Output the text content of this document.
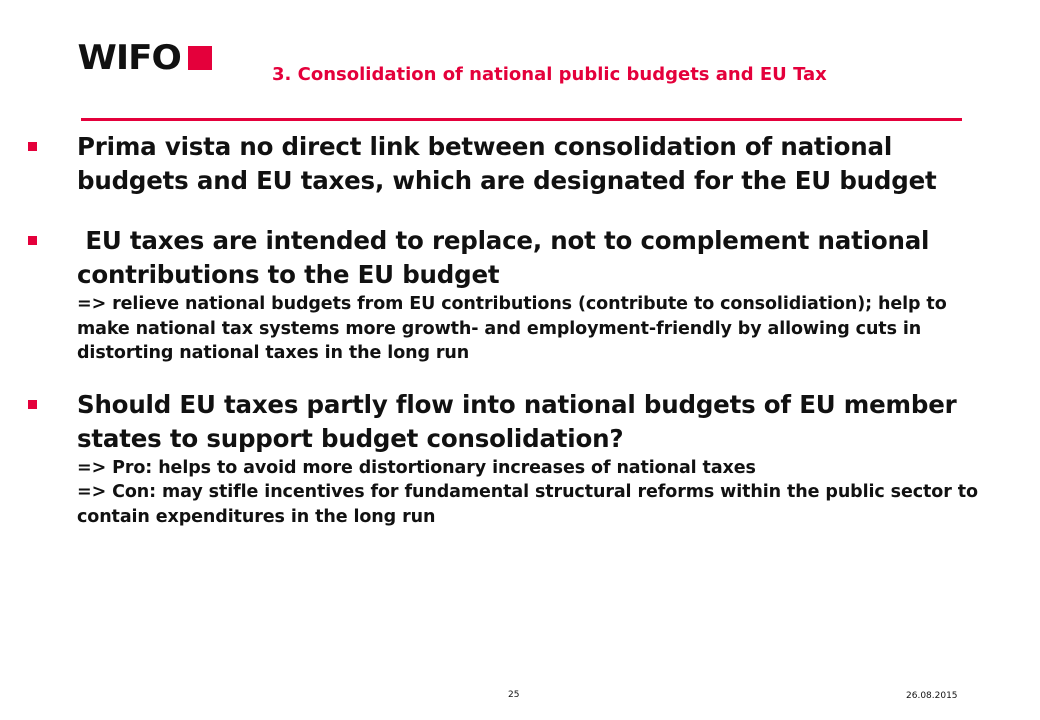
WIFO	3. Consolidation of national public budgets and EU Tax
Prima vista no direct link between consolidation of national budgets and EU taxes, which are designated for the EU budget
EU taxes are intended to replace, not to complement national contributions to the EU budget
=> relieve national budgets from EU contributions (contribute to consolidiation); help to make national tax systems more growth- and employment-friendly by allowing cuts in distorting national taxes in the long run
Should EU taxes partly flow into national budgets of EU member states to support budget consolidation?
=> Pro: helps to avoid more distortionary increases of national taxes
=> Con: may stifle incentives for fundamental structural reforms within the public sector to contain expenditures in the long run
25	26.08.2015
